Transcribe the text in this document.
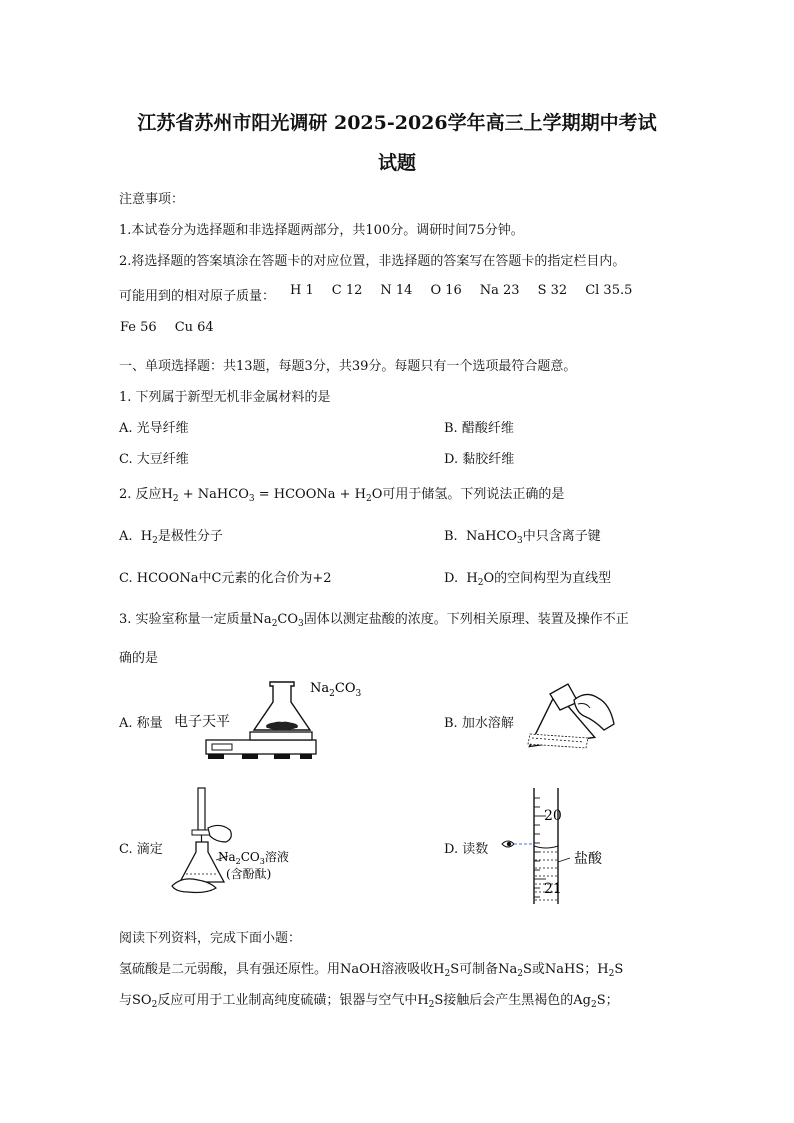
江苏省苏州市阳光调研 2025-2026学年高三上学期期中考试
试题
注意事项：
1.本试卷分为选择题和非选择题两部分，共100分。调研时间75分钟。
2.将选择题的答案填涂在答题卡的对应位置，非选择题的答案写在答题卡的指定栏目内。
可能用到的相对原子质量： H 1 C 12 N 14 O 16 Na 23 S 32 Cl 35.5
Fe 56 Cu 64
一、单项选择题：共13题，每题3分，共39分。每题只有一个选项最符合题意。
1. 下列属于新型无机非金属材料的是
A. 光导纤维	B. 醋酸纤维
C. 大豆纤维	D. 黏胶纤维
2. 反应$H_2$ + NaHCO$_3$ = HCOONa + $H_2O$可用于储氢。下列说法正确的是
A. $H_2$是极性分子	B. NaHCO$_3$中只含离子键
C. HCOONa中C元素的化合价为+2	D. $H_2O$的空间构型为直线型
3. 实验室称量一定质量$Na_2CO_3$固体以测定盐酸的浓度。下列相关原理、装置及操作不正
确的是
A. 称量	B. 加水溶解
C. 滴定	D. 读数
电子天平
$Na_2CO_3$
$Na_2CO_3$溶液
(含酚酞)
20
21
盐酸
阅读下列资料，完成下面小题：
氢硫酸是二元弱酸，具有强还原性。用NaOH溶液吸收$H_2S$可制备$Na_2S$或NaHS；$H_2S$
与$SO_2$反应可用于工业制高纯度硫磺；银器与空气中$H_2S$接触后会产生黑褐色的$Ag_2S$；
